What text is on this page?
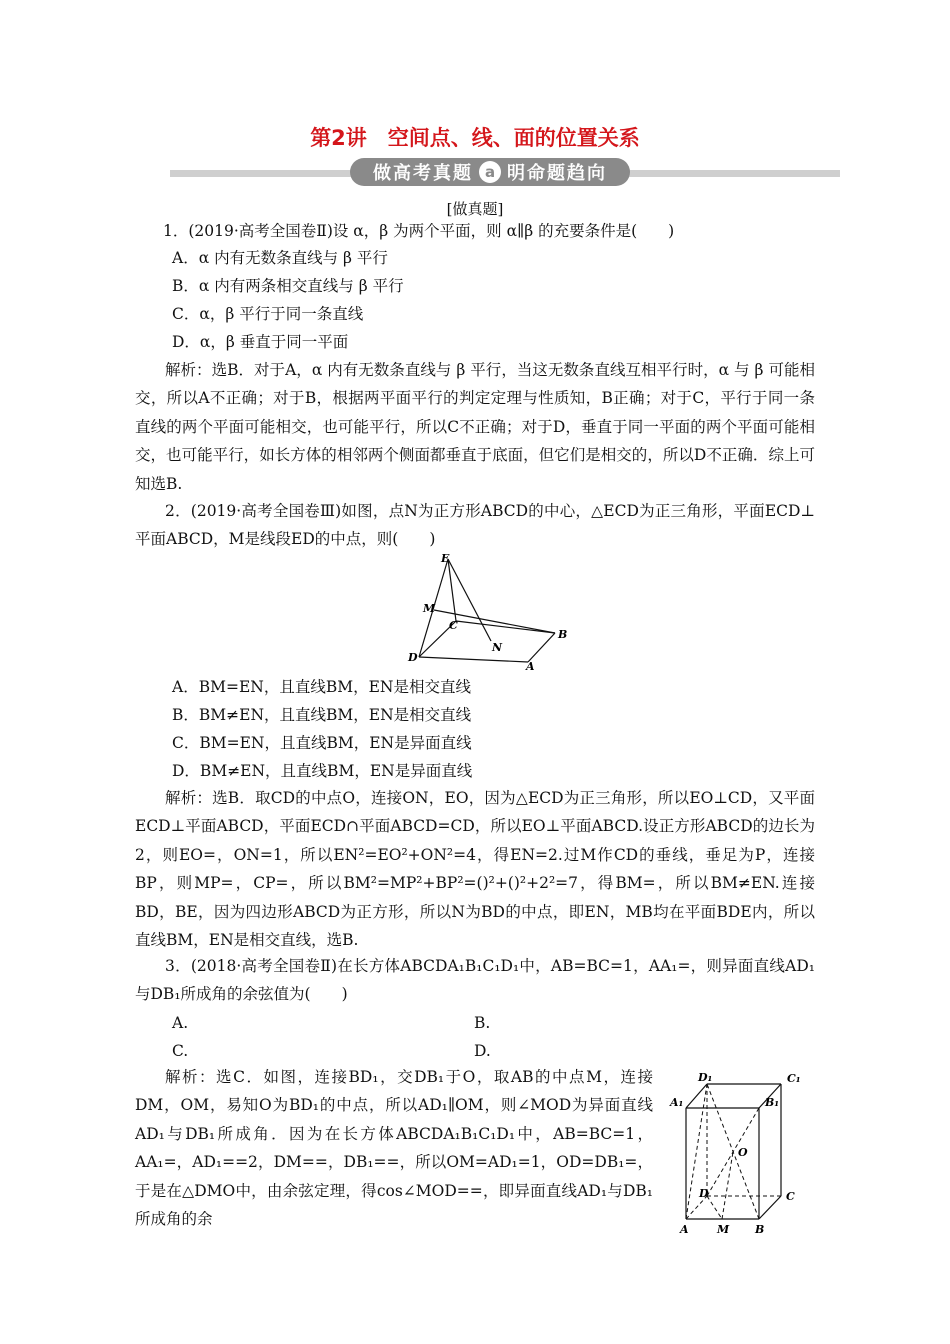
第2讲　空间点、线、面的位置关系
做高考真题 a 明命题趋向
[做真题]
1．(2019·高考全国卷Ⅱ)设 α，β 为两个平面，则 α∥β 的充要条件是(　　)
A．α 内有无数条直线与 β 平行
B．α 内有两条相交直线与 β 平行
C．α，β 平行于同一条直线
D．α，β 垂直于同一平面
解析：选B．对于A，α 内有无数条直线与 β 平行，当这无数条直线互相平行时，α 与 β 可能相交，所以A不正确；对于B，根据两平面平行的判定定理与性质知，B正确；对于C，平行于同一条直线的两个平面可能相交，也可能平行，所以C不正确；对于D，垂直于同一平面的两个平面可能相交，也可能平行，如长方体的相邻两个侧面都垂直于底面，但它们是相交的，所以D不正确．综上可知选B.
2．(2019·高考全国卷Ⅲ)如图，点N为正方形ABCD的中心，△ECD为正三角形，平面ECD⊥平面ABCD，M是线段ED的中点，则(　　)
E
M
C
B
N
D
A
A．BM=EN，且直线BM，EN是相交直线
B．BM≠EN，且直线BM，EN是相交直线
C．BM=EN，且直线BM，EN是异面直线
D．BM≠EN，且直线BM，EN是异面直线
解析：选B．取CD的中点O，连接ON，EO，因为△ECD为正三角形，所以EO⊥CD，又平面ECD⊥平面ABCD，平面ECD∩平面ABCD=CD，所以EO⊥平面ABCD.设正方形ABCD的边长为2，则EO=，ON=1，所以EN²=EO²+ON²=4，得EN=2.过M作CD的垂线，垂足为P，连接BP，则MP=，CP=，所以BM²=MP²+BP²=()²+()²+2²=7，得BM=，所以BM≠EN.连接BD，BE，因为四边形ABCD为正方形，所以N为BD的中点，即EN，MB均在平面BDE内，所以直线BM，EN是相交直线，选B.
3．(2018·高考全国卷Ⅱ)在长方体ABCDA₁B₁C₁D₁中，AB=BC=1，AA₁=，则异面直线AD₁与DB₁所成角的余弦值为(　　)
A.	B.
C.	D.
解析：选C．如图，连接BD₁，交DB₁于O，取AB的中点M，连接DM，OM，易知O为BD₁的中点，所以AD₁∥OM，则∠MOD为异面直线AD₁与DB₁所成角．因为在长方体ABCDA₁B₁C₁D₁中，AB=BC=1，AA₁=，AD₁==2，DM==，DB₁==，所以OM=AD₁=1，OD=DB₁=，于是在△DMO中，由余弦定理，得cos∠MOD==，即异面直线AD₁与DB₁所成角的余
D₁	C₁
A₁	B₁
O
D	C
A	M B
